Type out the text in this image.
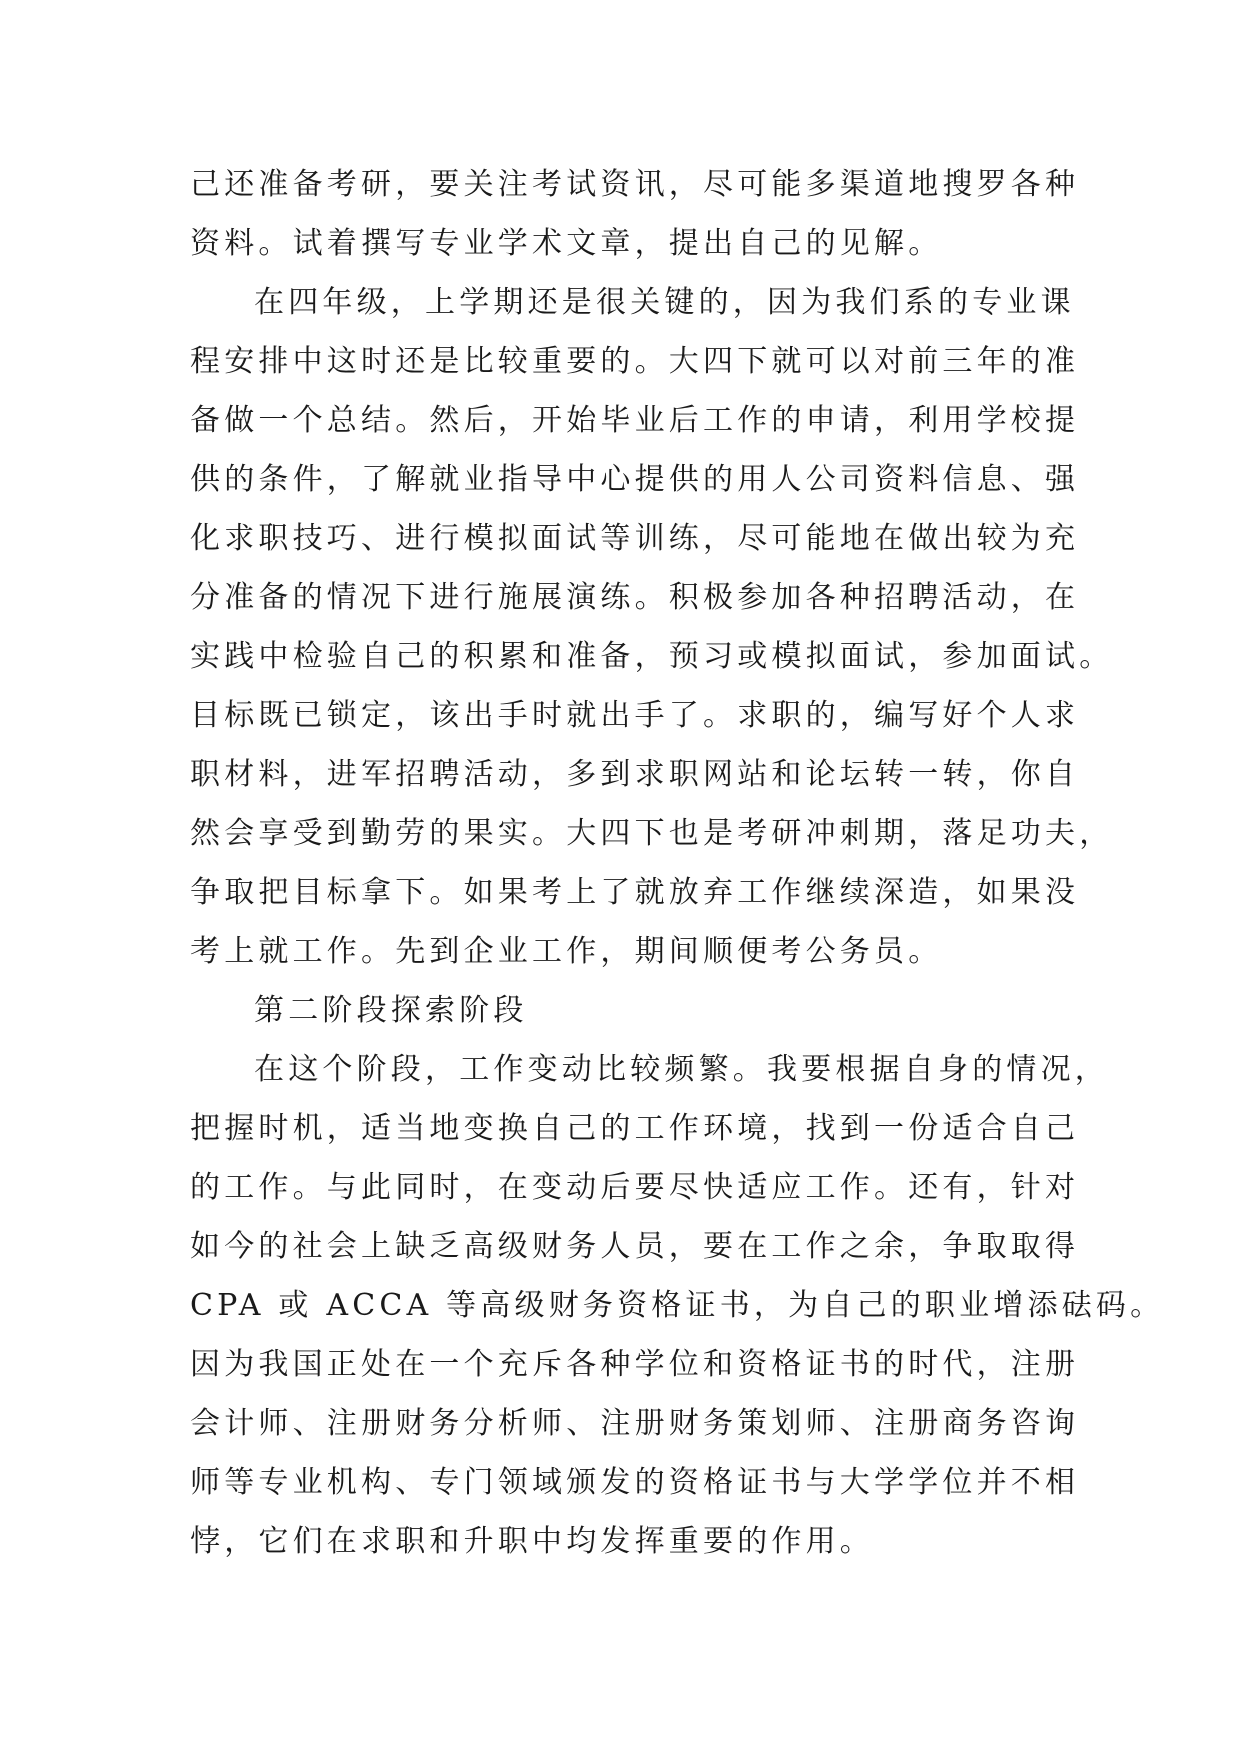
己还准备考研，要关注考试资讯，尽可能多渠道地搜罗各种
资料。试着撰写专业学术文章，提出自己的见解。
在四年级，上学期还是很关键的，因为我们系的专业课
程安排中这时还是比较重要的。大四下就可以对前三年的准
备做一个总结。然后，开始毕业后工作的申请，利用学校提
供的条件，了解就业指导中心提供的用人公司资料信息、强
化求职技巧、进行模拟面试等训练，尽可能地在做出较为充
分准备的情况下进行施展演练。积极参加各种招聘活动，在
实践中检验自己的积累和准备，预习或模拟面试，参加面试。
目标既已锁定，该出手时就出手了。求职的，编写好个人求
职材料，进军招聘活动，多到求职网站和论坛转一转，你自
然会享受到勤劳的果实。大四下也是考研冲刺期，落足功夫，
争取把目标拿下。如果考上了就放弃工作继续深造，如果没
考上就工作。先到企业工作，期间顺便考公务员。
第二阶段探索阶段
在这个阶段，工作变动比较频繁。我要根据自身的情况，
把握时机，适当地变换自己的工作环境，找到一份适合自己
的工作。与此同时，在变动后要尽快适应工作。还有，针对
如今的社会上缺乏高级财务人员，要在工作之余，争取取得
CPA 或 ACCA 等高级财务资格证书，为自己的职业增添砝码。
因为我国正处在一个充斥各种学位和资格证书的时代，注册
会计师、注册财务分析师、注册财务策划师、注册商务咨询
师等专业机构、专门领域颁发的资格证书与大学学位并不相
悖，它们在求职和升职中均发挥重要的作用。
